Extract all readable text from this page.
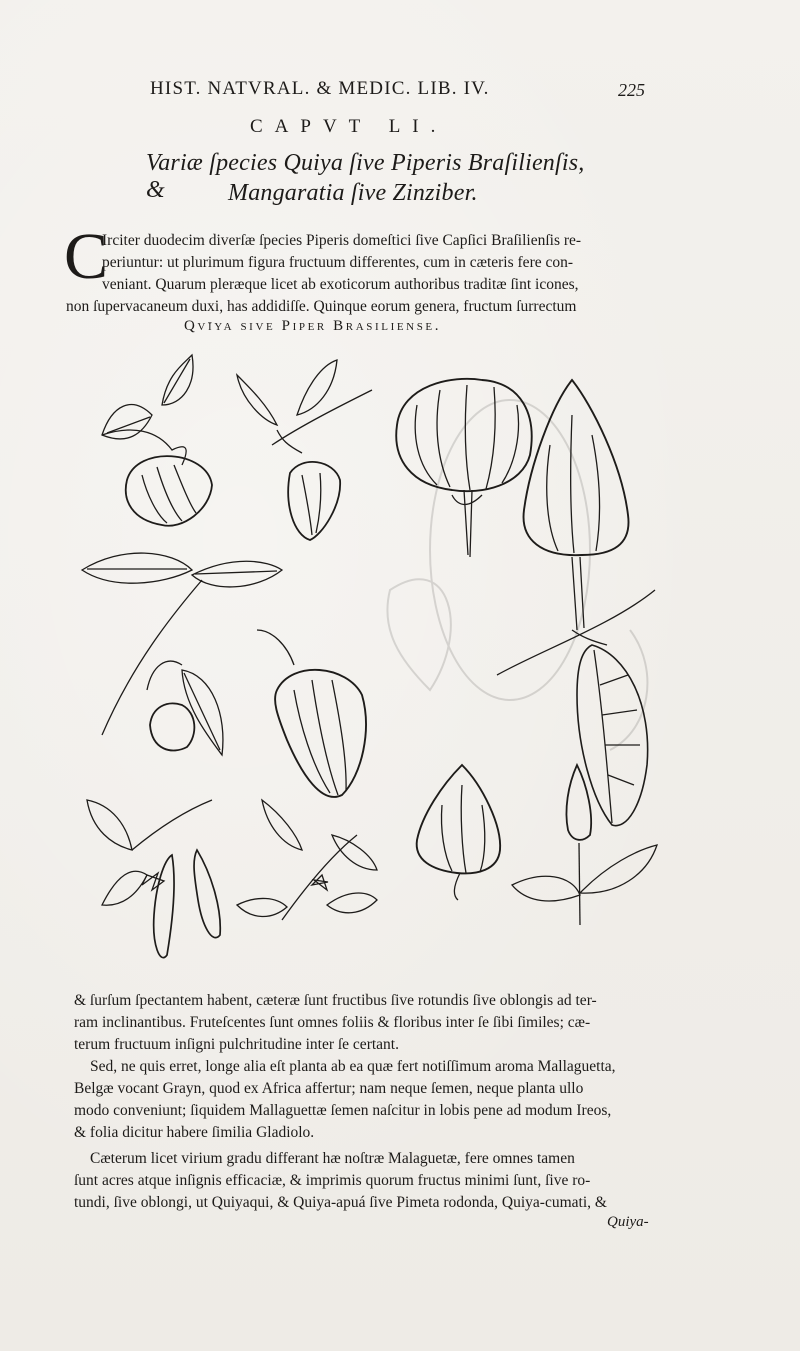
HIST. NATVRAL. & MEDIC. LIB. IV.	225
CAPVT LI.
Variæ ſpecies Quiya ſive Piperis Braſilienſis, &	Mangaratia ſive Zinziber.
C
Irciter duodecim diverſæ ſpecies Piperis domeſtici ſive Capſici Braſilienſis re-
periuntur: ut plurimum figura fructuum differentes, cum in cæteris fere con-
veniant. Quarum pleræque licet ab exoticorum authoribus traditæ ſint icones,
non ſupervacaneum duxi, has addidiſſe. Quinque eorum genera, fructum ſurrectum
Qvīya ſive Piper Brasiliense.
& ſurſum ſpectantem habent, cæteræ ſunt fructibus ſive rotundis ſive oblongis ad ter-
ram inclinantibus. Fruteſcentes ſunt omnes foliis & floribus inter ſe ſibi ſimiles; cæ-
terum fructuum inſigni pulchritudine inter ſe certant.
Sed, ne quis erret, longe alia eſt planta ab ea quæ fert notiſſimum aroma Mallaguetta,
Belgæ vocant Grayn, quod ex Africa affertur; nam neque ſemen, neque planta ullo
modo conveniunt; ſiquidem Mallaguettæ ſemen naſcitur in lobis pene ad modum Ireos,
& folia dicitur habere ſimilia Gladiolo.
Cæterum licet virium gradu differant hæ noſtræ Malaguetæ, fere omnes tamen
ſunt acres atque inſignis efficaciæ, & imprimis quorum fructus minimi ſunt, ſive ro-
tundi, ſive oblongi, ut Quiyaqui, & Quiya-apuá ſive Pimeta rodonda, Quiya-cumati, &
Quiya-
